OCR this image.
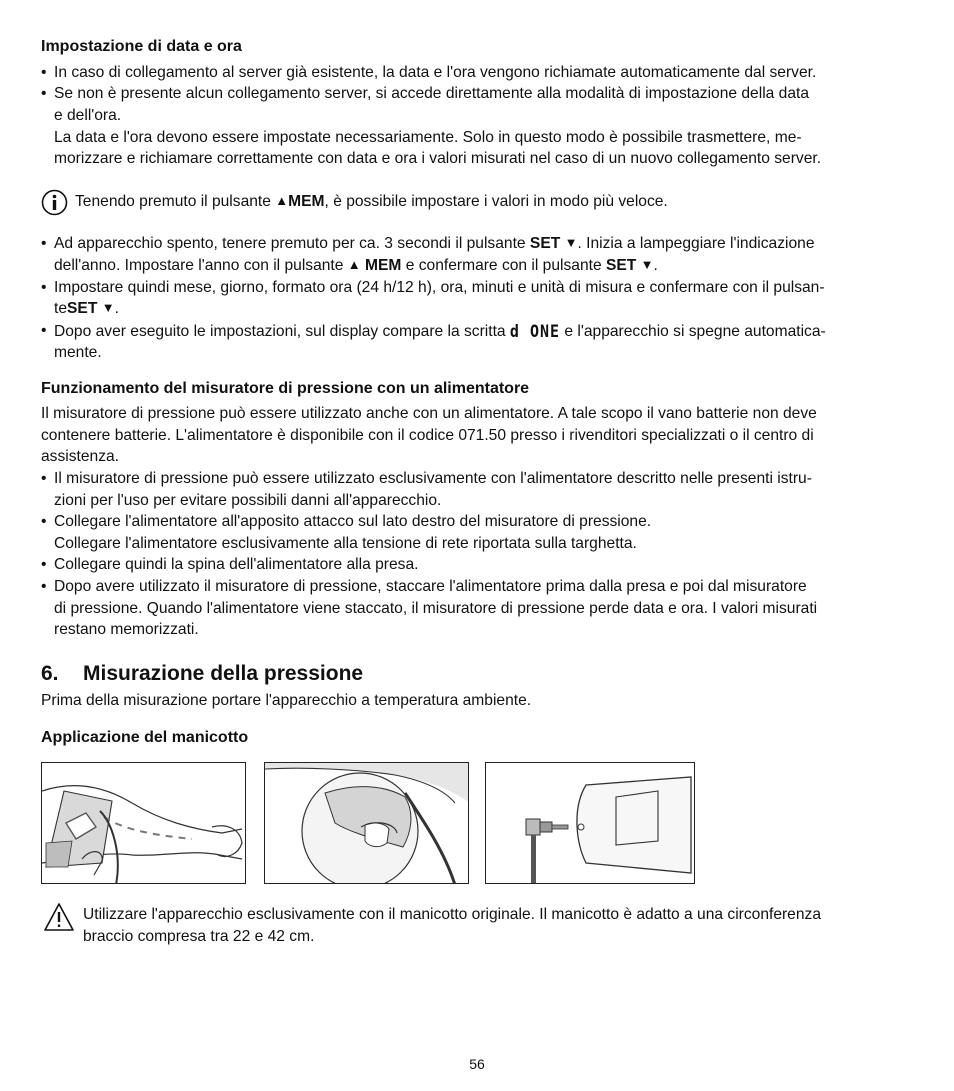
Impostazione di data e ora
• In caso di collegamento al server già esistente, la data e l'ora vengono richiamate automaticamente dal server.
• Se non è presente alcun collegamento server, si accede direttamente alla modalità di impostazione della data
e dell'ora.
La data e l'ora devono essere impostate necessariamente. Solo in questo modo è possibile trasmettere, me-
morizzare e richiamare correttamente con data e ora i valori misurati nel caso di un nuovo collegamento server.
Tenendo premuto il pulsante ▲MEM, è possibile impostare i valori in modo più veloce.
• Ad apparecchio spento, tenere premuto per ca. 3 secondi il pulsante SET ▼. Inizia a lampeggiare l'indicazione
dell'anno. Impostare l'anno con il pulsante ▲ MEM e confermare con il pulsante SET ▼.
• Impostare quindi mese, giorno, formato ora (24 h/12 h), ora, minuti e unità di misura e confermare con il pulsan-
teSET ▼.
• Dopo aver eseguito le impostazioni, sul display compare la scritta d ONE e l'apparecchio si spegne automatica-
mente.
Funzionamento del misuratore di pressione con un alimentatore
Il misuratore di pressione può essere utilizzato anche con un alimentatore. A tale scopo il vano batterie non deve
contenere batterie. L'alimentatore è disponibile con il codice 071.50 presso i rivenditori specializzati o il centro di
assistenza.
• Il misuratore di pressione può essere utilizzato esclusivamente con l'alimentatore descritto nelle presenti istru-
zioni per l'uso per evitare possibili danni all'apparecchio.
• Collegare l'alimentatore all'apposito attacco sul lato destro del misuratore di pressione.
Collegare l'alimentatore esclusivamente alla tensione di rete riportata sulla targhetta.
• Collegare quindi la spina dell'alimentatore alla presa.
• Dopo avere utilizzato il misuratore di pressione, staccare l'alimentatore prima dalla presa e poi dal misuratore
di pressione. Quando l'alimentatore viene staccato, il misuratore di pressione perde data e ora. I valori misurati
restano memorizzati.
6. Misurazione della pressione
Prima della misurazione portare l'apparecchio a temperatura ambiente.
Applicazione del manicotto
Utilizzare l'apparecchio esclusivamente con il manicotto originale. Il manicotto è adatto a una circonferenza
braccio compresa tra 22 e 42 cm.
56
